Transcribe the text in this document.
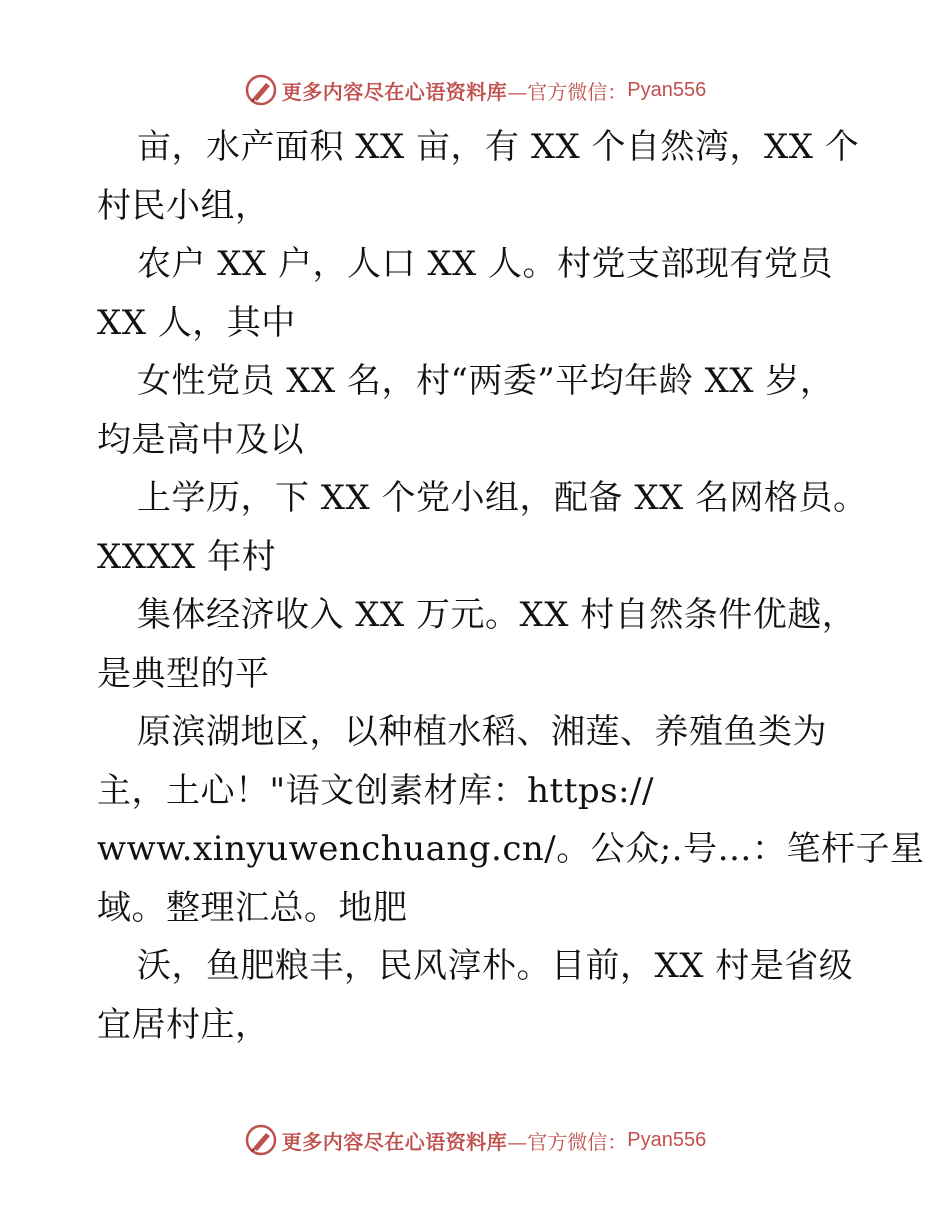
更多内容尽在心语资料库 —官方微信： Pyan556
亩，水产面积 XX 亩，有 XX 个自然湾，XX 个
村民小组，
农户 XX 户，人口 XX 人。村党支部现有党员
XX 人，其中
女性党员 XX 名，村“两委”平均年龄 XX 岁，
均是高中及以
上学历，下 XX 个党小组，配备 XX 名网格员。
XXXX 年村
集体经济收入 XX 万元。XX 村自然条件优越，
是典型的平
原滨湖地区，以种植水稻、湘莲、养殖鱼类为
主，土心！"语文创素材库：https://
www.xinyuwenchuang.cn/。公众;.号…：笔杆子星
域。整理汇总。地肥
沃，鱼肥粮丰，民风淳朴。目前，XX 村是省级
宜居村庄，
更多内容尽在心语资料库 —官方微信： Pyan556
